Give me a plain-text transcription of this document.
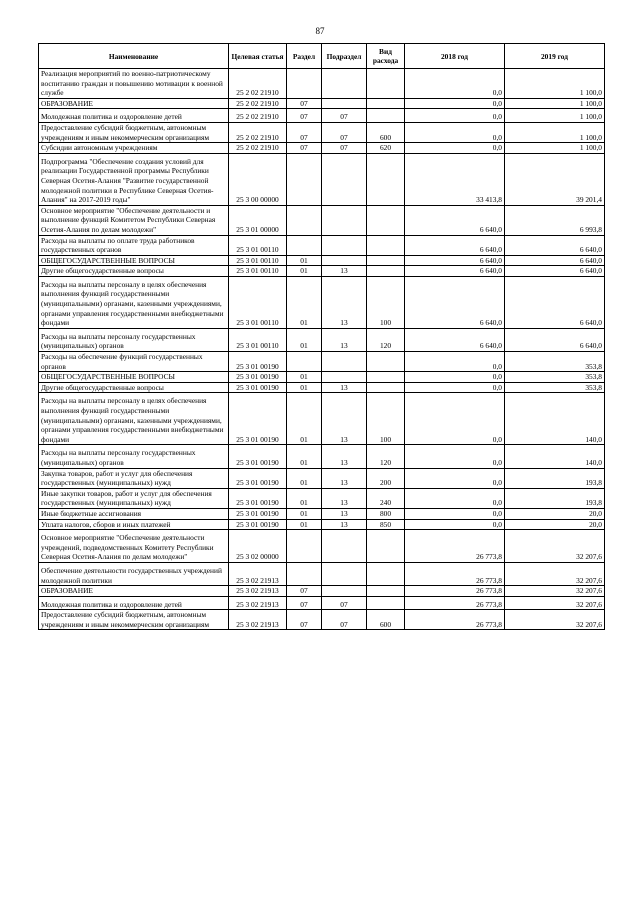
87
Наименование	Целевая статья	Раздел	Подраздел	Вид расхода	2018 год	2019 год
Реализация мероприятий по военно-патриотическому воспитанию граждан и повышению мотивации к военной службе	25 2 02 21910				0,0	1 100,0
ОБРАЗОВАНИЕ	25 2 02 21910	07			0,0	1 100,0

Молодежная политика и оздоровление детей	25 2 02 21910	07	07		0,0	1 100,0
Предоставление субсидий бюджетным, автономным учреждениям и иным некоммерческим организациям	25 2 02 21910	07	07	600	0,0	1 100,0
Субсидии автономным учреждениям	25 2 02 21910	07	07	620	0,0	1 100,0

Подпрограмма "Обеспечение создания условий для реализации Государственной программы Республики Северная Осетия-Алания "Развитие государственной молодежной политики в Республике Северная Осетия-Алания" на 2017-2019 годы"	25 3 00 00000				33 413,8	39 201,4
Основное мероприятие "Обеспечение деятельности и выполнение функций Комитетом Республики Северная Осетия-Алания по делам молодежи"	25 3 01 00000				6 640,0	6 993,8
Расходы на выплаты по оплате труда работников государственных органов	25 3 01 00110				6 640,0	6 640,0
ОБЩЕГОСУДАРСТВЕННЫЕ ВОПРОСЫ	25 3 01 00110	01			6 640,0	6 640,0
Другие общегосударственные вопросы	25 3 01 00110	01	13		6 640,0	6 640,0

Расходы на выплаты персоналу в целях обеспечения выполнения функций государственными (муниципальными) органами, казенными учреждениями, органами управления государственными внебюджетными фондами	25 3 01 00110	01	13	100	6 640,0	6 640,0

Расходы на выплаты персоналу государственных (муниципальных) органов	25 3 01 00110	01	13	120	6 640,0	6 640,0
Расходы на обеспечение функций государственных органов	25 3 01 00190				0,0	353,8
ОБЩЕГОСУДАРСТВЕННЫЕ ВОПРОСЫ	25 3 01 00190	01			0,0	353,8
Другие общегосударственные вопросы	25 3 01 00190	01	13		0,0	353,8

Расходы на выплаты персоналу в целях обеспечения выполнения функций государственными (муниципальными) органами, казенными учреждениями, органами управления государственными внебюджетными фондами	25 3 01 00190	01	13	100	0,0	140,0

Расходы на выплаты персоналу государственных (муниципальных) органов	25 3 01 00190	01	13	120	0,0	140,0
Закупка товаров, работ и услуг для обеспечения государственных (муниципальных) нужд	25 3 01 00190	01	13	200	0,0	193,8
Иные закупки товаров, работ и услуг для обеспечения государственных (муниципальных) нужд	25 3 01 00190	01	13	240	0,0	193,8
Иные бюджетные ассигнования	25 3 01 00190	01	13	800	0,0	20,0
Уплата налогов, сборов и иных платежей	25 3 01 00190	01	13	850	0,0	20,0

Основное мероприятие "Обеспечение деятельности учреждений, подведомственных Комитету Республики Северная Осетия-Алания по делам молодежи"	25 3 02 00000				26 773,8	32 207,6

Обеспечение деятельности государственных учреждений молодежной политики	25 3 02 21913				26 773,8	32 207,6
ОБРАЗОВАНИЕ	25 3 02 21913	07			26 773,8	32 207,6

Молодежная политика и оздоровление детей	25 3 02 21913	07	07		26 773,8	32 207,6
Предоставление субсидий бюджетным, автономным учреждениям и иным некоммерческим организациям	25 3 02 21913	07	07	600	26 773,8	32 207,6
